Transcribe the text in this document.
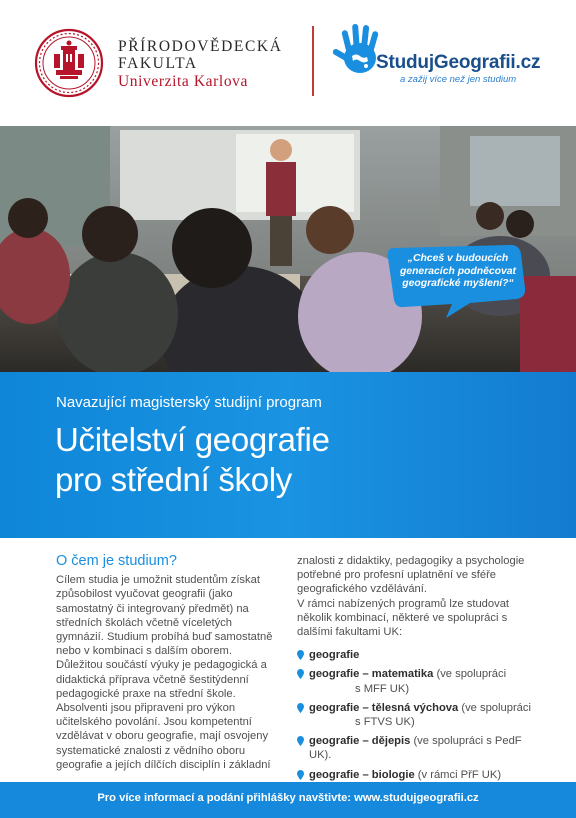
PŘÍRODOVĚDECKÁ
FAKULTA
Univerzita Karlova
StudujGeografii.cz
a zažij více než jen studium
„Chceš v budoucích generacích podněcovat geografické myšlení?“
Navazující magisterský studijní program
Učitelství geografie
pro střední školy
O čem je studium?

Cílem studia je umožnit studentům získat způsobilost vyučovat geografii (jako samostatný či integrovaný předmět) na středních školách včetně víceletých gymnázií. Studium probíhá buď samostatně nebo v kombinaci s dalším oborem. Důležitou součástí výuky je pedagogická a didaktická příprava včetně šestitýdenní pedagogické praxe na střední škole.

Absolventi jsou připraveni pro výkon učitelského povolání. Jsou kompetentní vzdělávat v oboru geografie, mají osvojeny systematické znalosti z vědního oboru geografie a jejích dílčích disciplín i základní

znalosti z didaktiky, pedagogiky a psychologie potřebné pro profesní uplatnění ve sféře geografického vzdělávání.

V rámci nabízených programů lze studovat několik kombinací, některé ve spolupráci s dalšími fakultami UK:

geografie
geografie – matematika (ve spolupráci
s MFF UK)
geografie – tělesná výchova (ve spolupráci
s FTVS UK)
geografie – dějepis (ve spolupráci s PedF UK).
geografie – biologie (v rámci PřF UK)
Pro více informací a podání přihlášky navštivte: www.studujgeografii.cz
